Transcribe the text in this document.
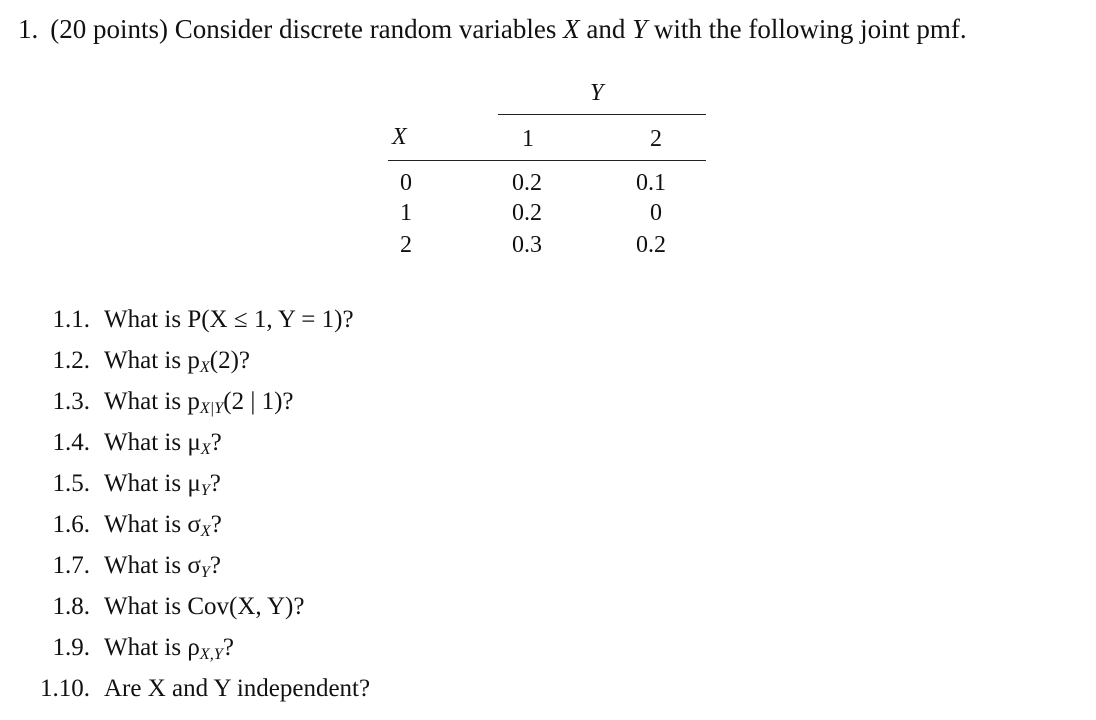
1. (20 points) Consider discrete random variables X and Y with the following joint pmf.
Y
X	1	2
0	0.2	0.1
1	0.2	0
2	0.3	0.2
1.1. What is P(X ≤ 1, Y = 1)?
1.2. What is $p_X(2)$?
1.3. What is $p_{X|Y}(2$ | 1)?
1.4. What is $\mu_X$?
1.5. What is $\mu_Y$?
1.6. What is $\sigma_X$?
1.7. What is $\sigma_Y$?
1.8. What is Cov(X, Y)?
1.9. What is $\rho_{X,Y}$?
1.10. Are X and Y independent?
